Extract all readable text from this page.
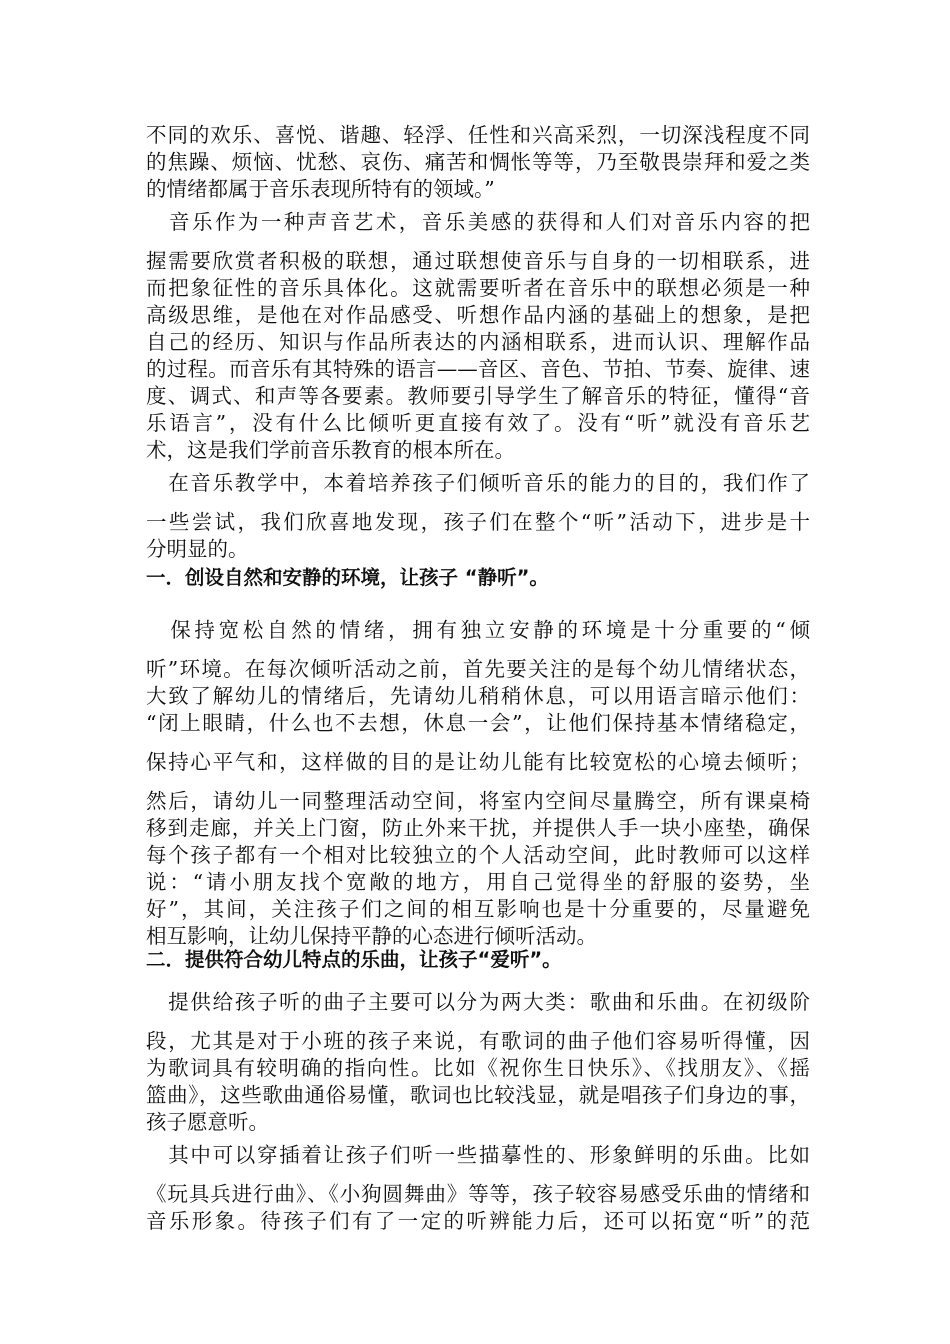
不同的欢乐、喜悦、谐趣、轻浮、任性和兴高采烈，一切深浅程度不同

的焦躁、烦恼、忧愁、哀伤、痛苦和惆怅等等，乃至敬畏崇拜和爱之类

的情绪都属于音乐表现所特有的领域。”

　音乐作为一种声音艺术，音乐美感的获得和人们对音乐内容的把

握需要欣赏者积极的联想，通过联想使音乐与自身的一切相联系，进

而把象征性的音乐具体化。这就需要听者在音乐中的联想必须是一种

高级思维，是他在对作品感受、听想作品内涵的基础上的想象，是把

自己的经历、知识与作品所表达的内涵相联系，进而认识、理解作品

的过程。而音乐有其特殊的语言——音区、音色、节拍、节奏、旋律、速

度、调式、和声等各要素。教师要引导学生了解音乐的特征，懂得“音

乐语言”，没有什么比倾听更直接有效了。没有“听”就没有音乐艺

术，这是我们学前音乐教育的根本所在。

　在音乐教学中，本着培养孩子们倾听音乐的能力的目的，我们作了

一些尝试，我们欣喜地发现，孩子们在整个“听”活动下，进步是十

分明显的。

一．创设自然和安静的环境，让孩子 “静听”。

　保持宽松自然的情绪，拥有独立安静的环境是十分重要的“倾

听”环境。在每次倾听活动之前，首先要关注的是每个幼儿情绪状态，

大致了解幼儿的情绪后，先请幼儿稍稍休息，可以用语言暗示他们：

“闭上眼睛，什么也不去想，休息一会”，让他们保持基本情绪稳定，

保持心平气和，这样做的目的是让幼儿能有比较宽松的心境去倾听；

然后，请幼儿一同整理活动空间，将室内空间尽量腾空，所有课桌椅

移到走廊，并关上门窗，防止外来干扰，并提供人手一块小座垫，确保

每个孩子都有一个相对比较独立的个人活动空间，此时教师可以这样

说：“请小朋友找个宽敞的地方，用自己觉得坐的舒服的姿势，坐

好”，其间，关注孩子们之间的相互影响也是十分重要的，尽量避免

相互影响，让幼儿保持平静的心态进行倾听活动。

二．提供符合幼儿特点的乐曲，让孩子“爱听”。

　提供给孩子听的曲子主要可以分为两大类：歌曲和乐曲。在初级阶

段，尤其是对于小班的孩子来说，有歌词的曲子他们容易听得懂，因

为歌词具有较明确的指向性。比如《祝你生日快乐》、《找朋友》、《摇

篮曲》，这些歌曲通俗易懂，歌词也比较浅显，就是唱孩子们身边的事，

孩子愿意听。

　其中可以穿插着让孩子们听一些描摹性的、形象鲜明的乐曲。比如

《玩具兵进行曲》、《小狗圆舞曲》等等，孩子较容易感受乐曲的情绪和

音乐形象。待孩子们有了一定的听辨能力后，还可以拓宽“听”的范
